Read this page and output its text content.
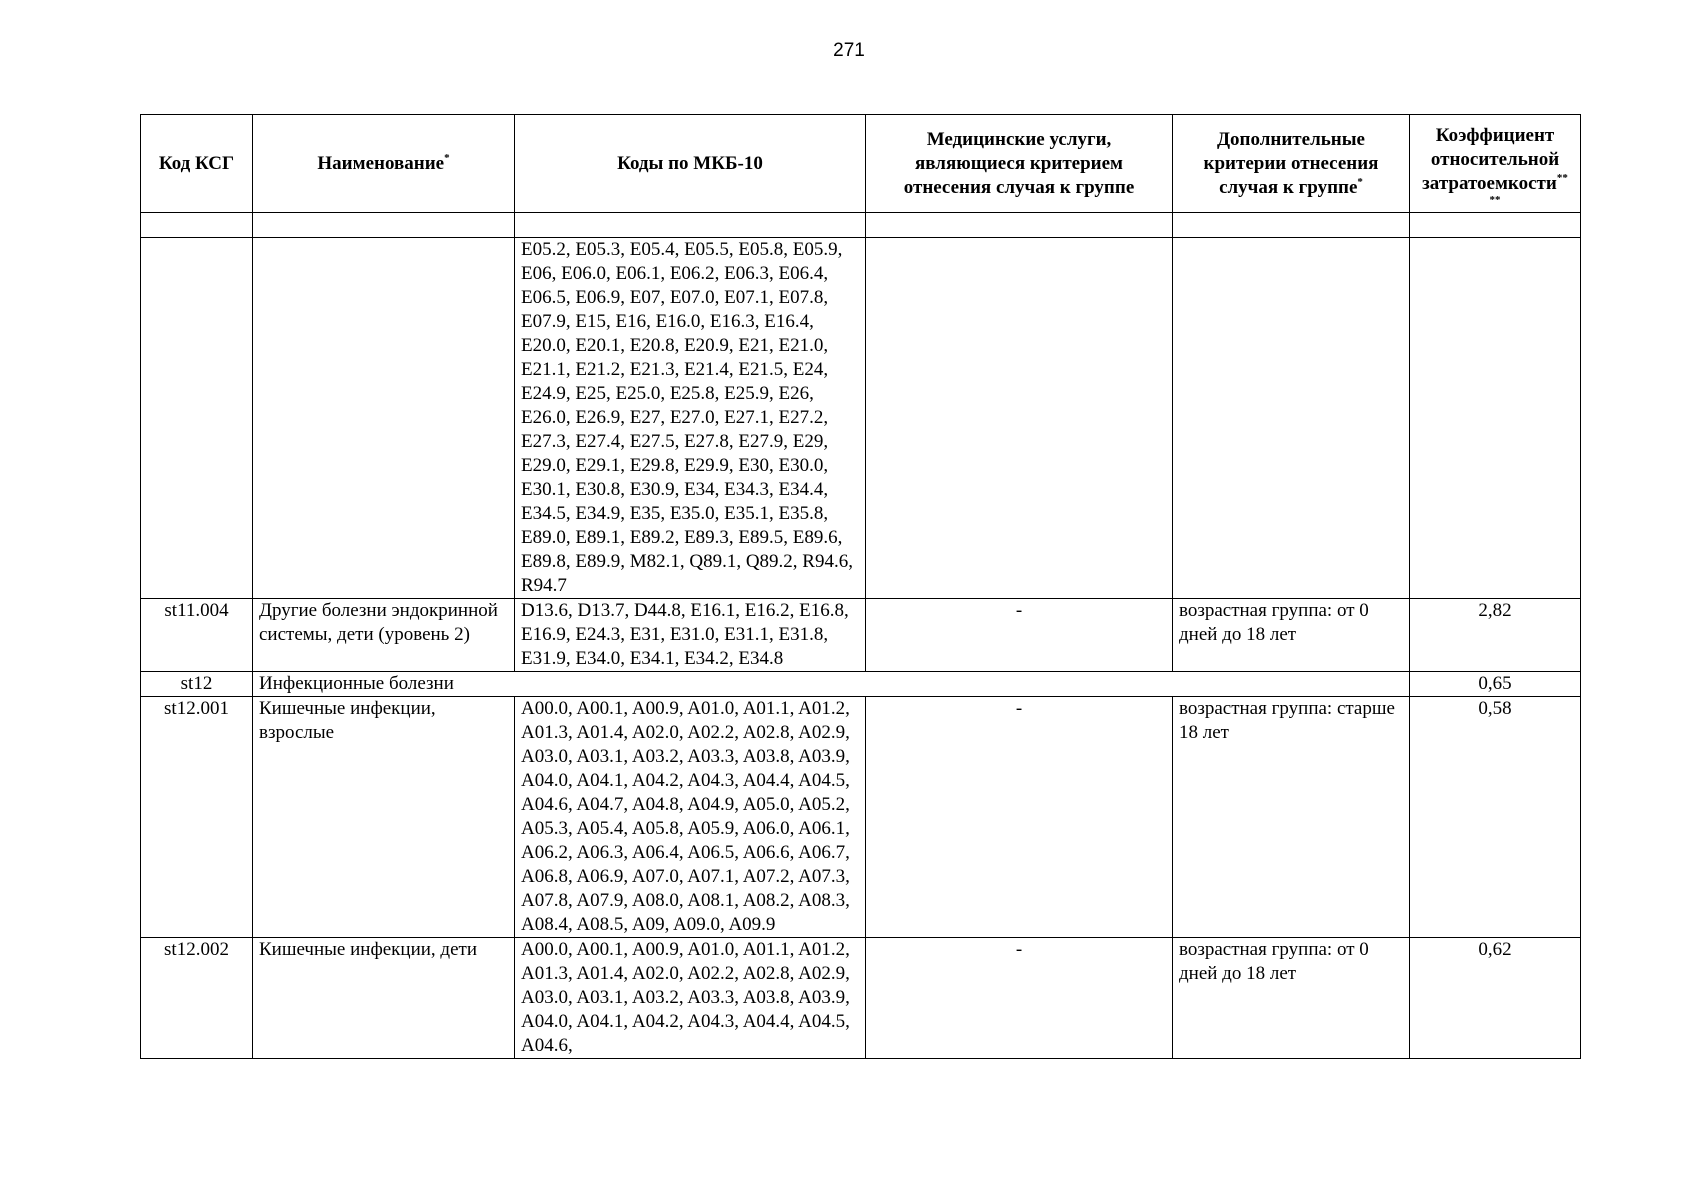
271
Код КСГ	Наименование*	Коды по МКБ-10	Медицинские услуги, являющиеся критерием отнесения случая к группе	Дополнительные критерии отнесения случая к группе*	Коэффициент относительной затратоемкости**
**

		E05.2, E05.3, E05.4, E05.5, E05.8, E05.9, E06, E06.0, E06.1, E06.2, E06.3, E06.4, E06.5, E06.9, E07, E07.0, E07.1, E07.8, E07.9, E15, E16, E16.0, E16.3, E16.4, E20.0, E20.1, E20.8, E20.9, E21, E21.0, E21.1, E21.2, E21.3, E21.4, E21.5, E24, E24.9, E25, E25.0, E25.8, E25.9, E26, E26.0, E26.9, E27, E27.0, E27.1, E27.2, E27.3, E27.4, E27.5, E27.8, E27.9, E29, E29.0, E29.1, E29.8, E29.9, E30, E30.0, E30.1, E30.8, E30.9, E34, E34.3, E34.4, E34.5, E34.9, E35, E35.0, E35.1, E35.8, E89.0, E89.1, E89.2, E89.3, E89.5, E89.6, E89.8, E89.9, M82.1, Q89.1, Q89.2, R94.6, R94.7			
st11.004	Другие болезни эндокринной системы, дети (уровень 2)	D13.6, D13.7, D44.8, E16.1, E16.2, E16.8, E16.9, E24.3, E31, E31.0, E31.1, E31.8, E31.9, E34.0, E34.1, E34.2, E34.8	-	возрастная группа: от 0 дней до 18 лет	2,82
st12	Инфекционные болезни				0,65
st12.001	Кишечные инфекции, взрослые	A00.0, A00.1, A00.9, A01.0, A01.1, A01.2, A01.3, A01.4, A02.0, A02.2, A02.8, A02.9, A03.0, A03.1, A03.2, A03.3, A03.8, A03.9, A04.0, A04.1, A04.2, A04.3, A04.4, A04.5, A04.6, A04.7, A04.8, A04.9, A05.0, A05.2, A05.3, A05.4, A05.8, A05.9, A06.0, A06.1, A06.2, A06.3, A06.4, A06.5, A06.6, A06.7, A06.8, A06.9, A07.0, A07.1, A07.2, A07.3, A07.8, A07.9, A08.0, A08.1, A08.2, A08.3, A08.4, A08.5, A09, A09.0, A09.9	-	возрастная группа: старше 18 лет	0,58
st12.002	Кишечные инфекции, дети	A00.0, A00.1, A00.9, A01.0, A01.1, A01.2, A01.3, A01.4, A02.0, A02.2, A02.8, A02.9, A03.0, A03.1, A03.2, A03.3, A03.8, A03.9, A04.0, A04.1, A04.2, A04.3, A04.4, A04.5, A04.6,	-	возрастная группа: от 0 дней до 18 лет	0,62
